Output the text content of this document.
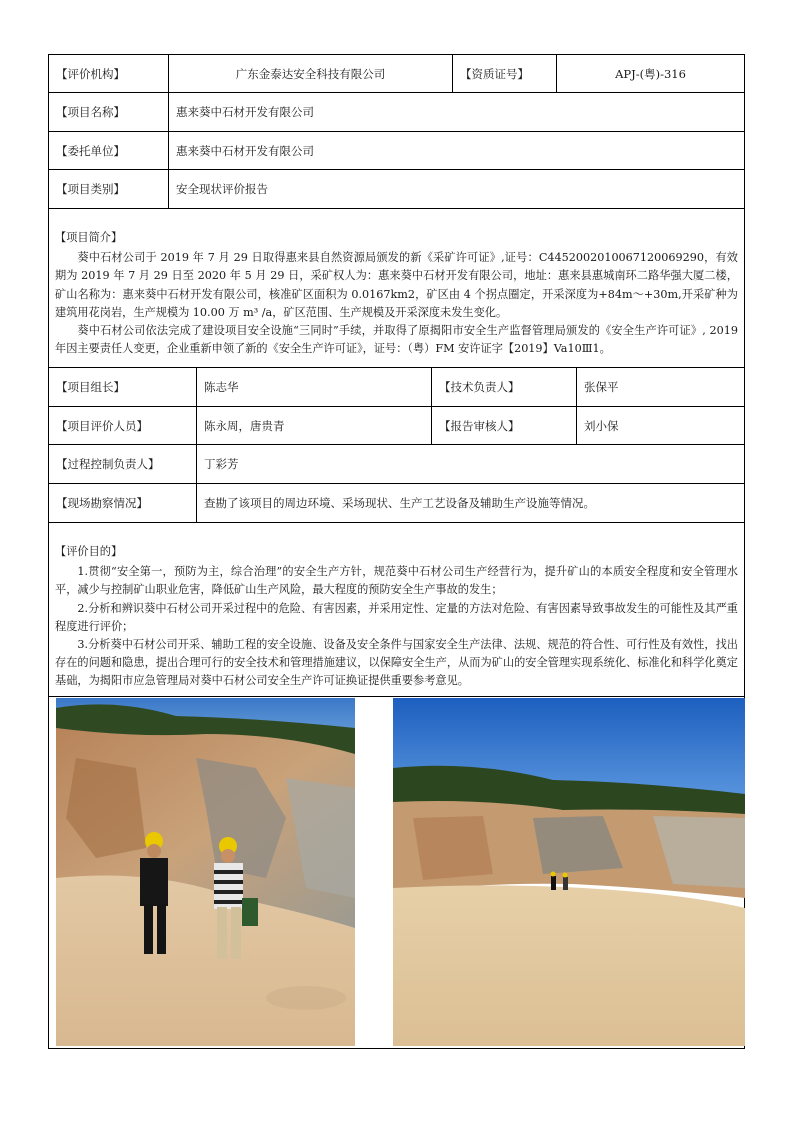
【评价机构】	广东金泰达安全科技有限公司	【资质证号】	APJ-(粤)-316
【项目名称】	惠来葵中石材开发有限公司
【委托单位】	惠来葵中石材开发有限公司
【项目类别】	安全现状评价报告
【项目简介】

葵中石材公司于 2019 年 7 月 29 日取得惠来县自然资源局颁发的新《采矿许可证》,证号：C4452002010067120069290，有效期为 2019 年 7 月 29 日至 2020 年 5 月 29 日，采矿权人为：惠来葵中石材开发有限公司，地址：惠来县惠城南环二路华强大厦二楼，矿山名称为：惠来葵中石材开发有限公司，核准矿区面积为 0.0167km2，矿区由 4 个拐点圈定，开采深度为+84m～+30m,开采矿种为建筑用花岗岩，生产规模为 10.00 万 m³ /a，矿区范围、生产规模及开采深度未发生变化。

葵中石材公司依法完成了建设项目安全设施“三同时”手续，并取得了原揭阳市安全生产监督管理局颁发的《安全生产许可证》, 2019 年因主要责任人变更，企业重新申领了新的《安全生产许可证》，证号：（粤）FM 安许证字【2019】Va10Ⅲ1。

【项目组长】	陈志华	【技术负责人】	张保平
【项目评价人员】	陈永周，唐贵青	【报告审核人】	刘小保
【过程控制负责人】	丁彩芳
【现场勘察情况】	查勘了该项目的周边环境、采场现状、生产工艺设备及辅助生产设施等情况。
【评价目的】

1.贯彻“安全第一，预防为主，综合治理”的安全生产方针，规范葵中石材公司生产经营行为，提升矿山的本质安全程度和安全管理水平，减少与控制矿山职业危害，降低矿山生产风险，最大程度的预防安全生产事故的发生；

2.分析和辨识葵中石材公司开采过程中的危险、有害因素，并采用定性、定量的方法对危险、有害因素导致事故发生的可能性及其严重程度进行评价；

3.分析葵中石材公司开采、辅助工程的安全设施、设备及安全条件与国家安全生产法律、法规、规范的符合性、可行性及有效性，找出存在的问题和隐患，提出合理可行的安全技术和管理措施建议，以保障安全生产，从而为矿山的安全管理实现系统化、标准化和科学化奠定基础，为揭阳市应急管理局对葵中石材公司安全生产许可证换证提供重要参考意见。
